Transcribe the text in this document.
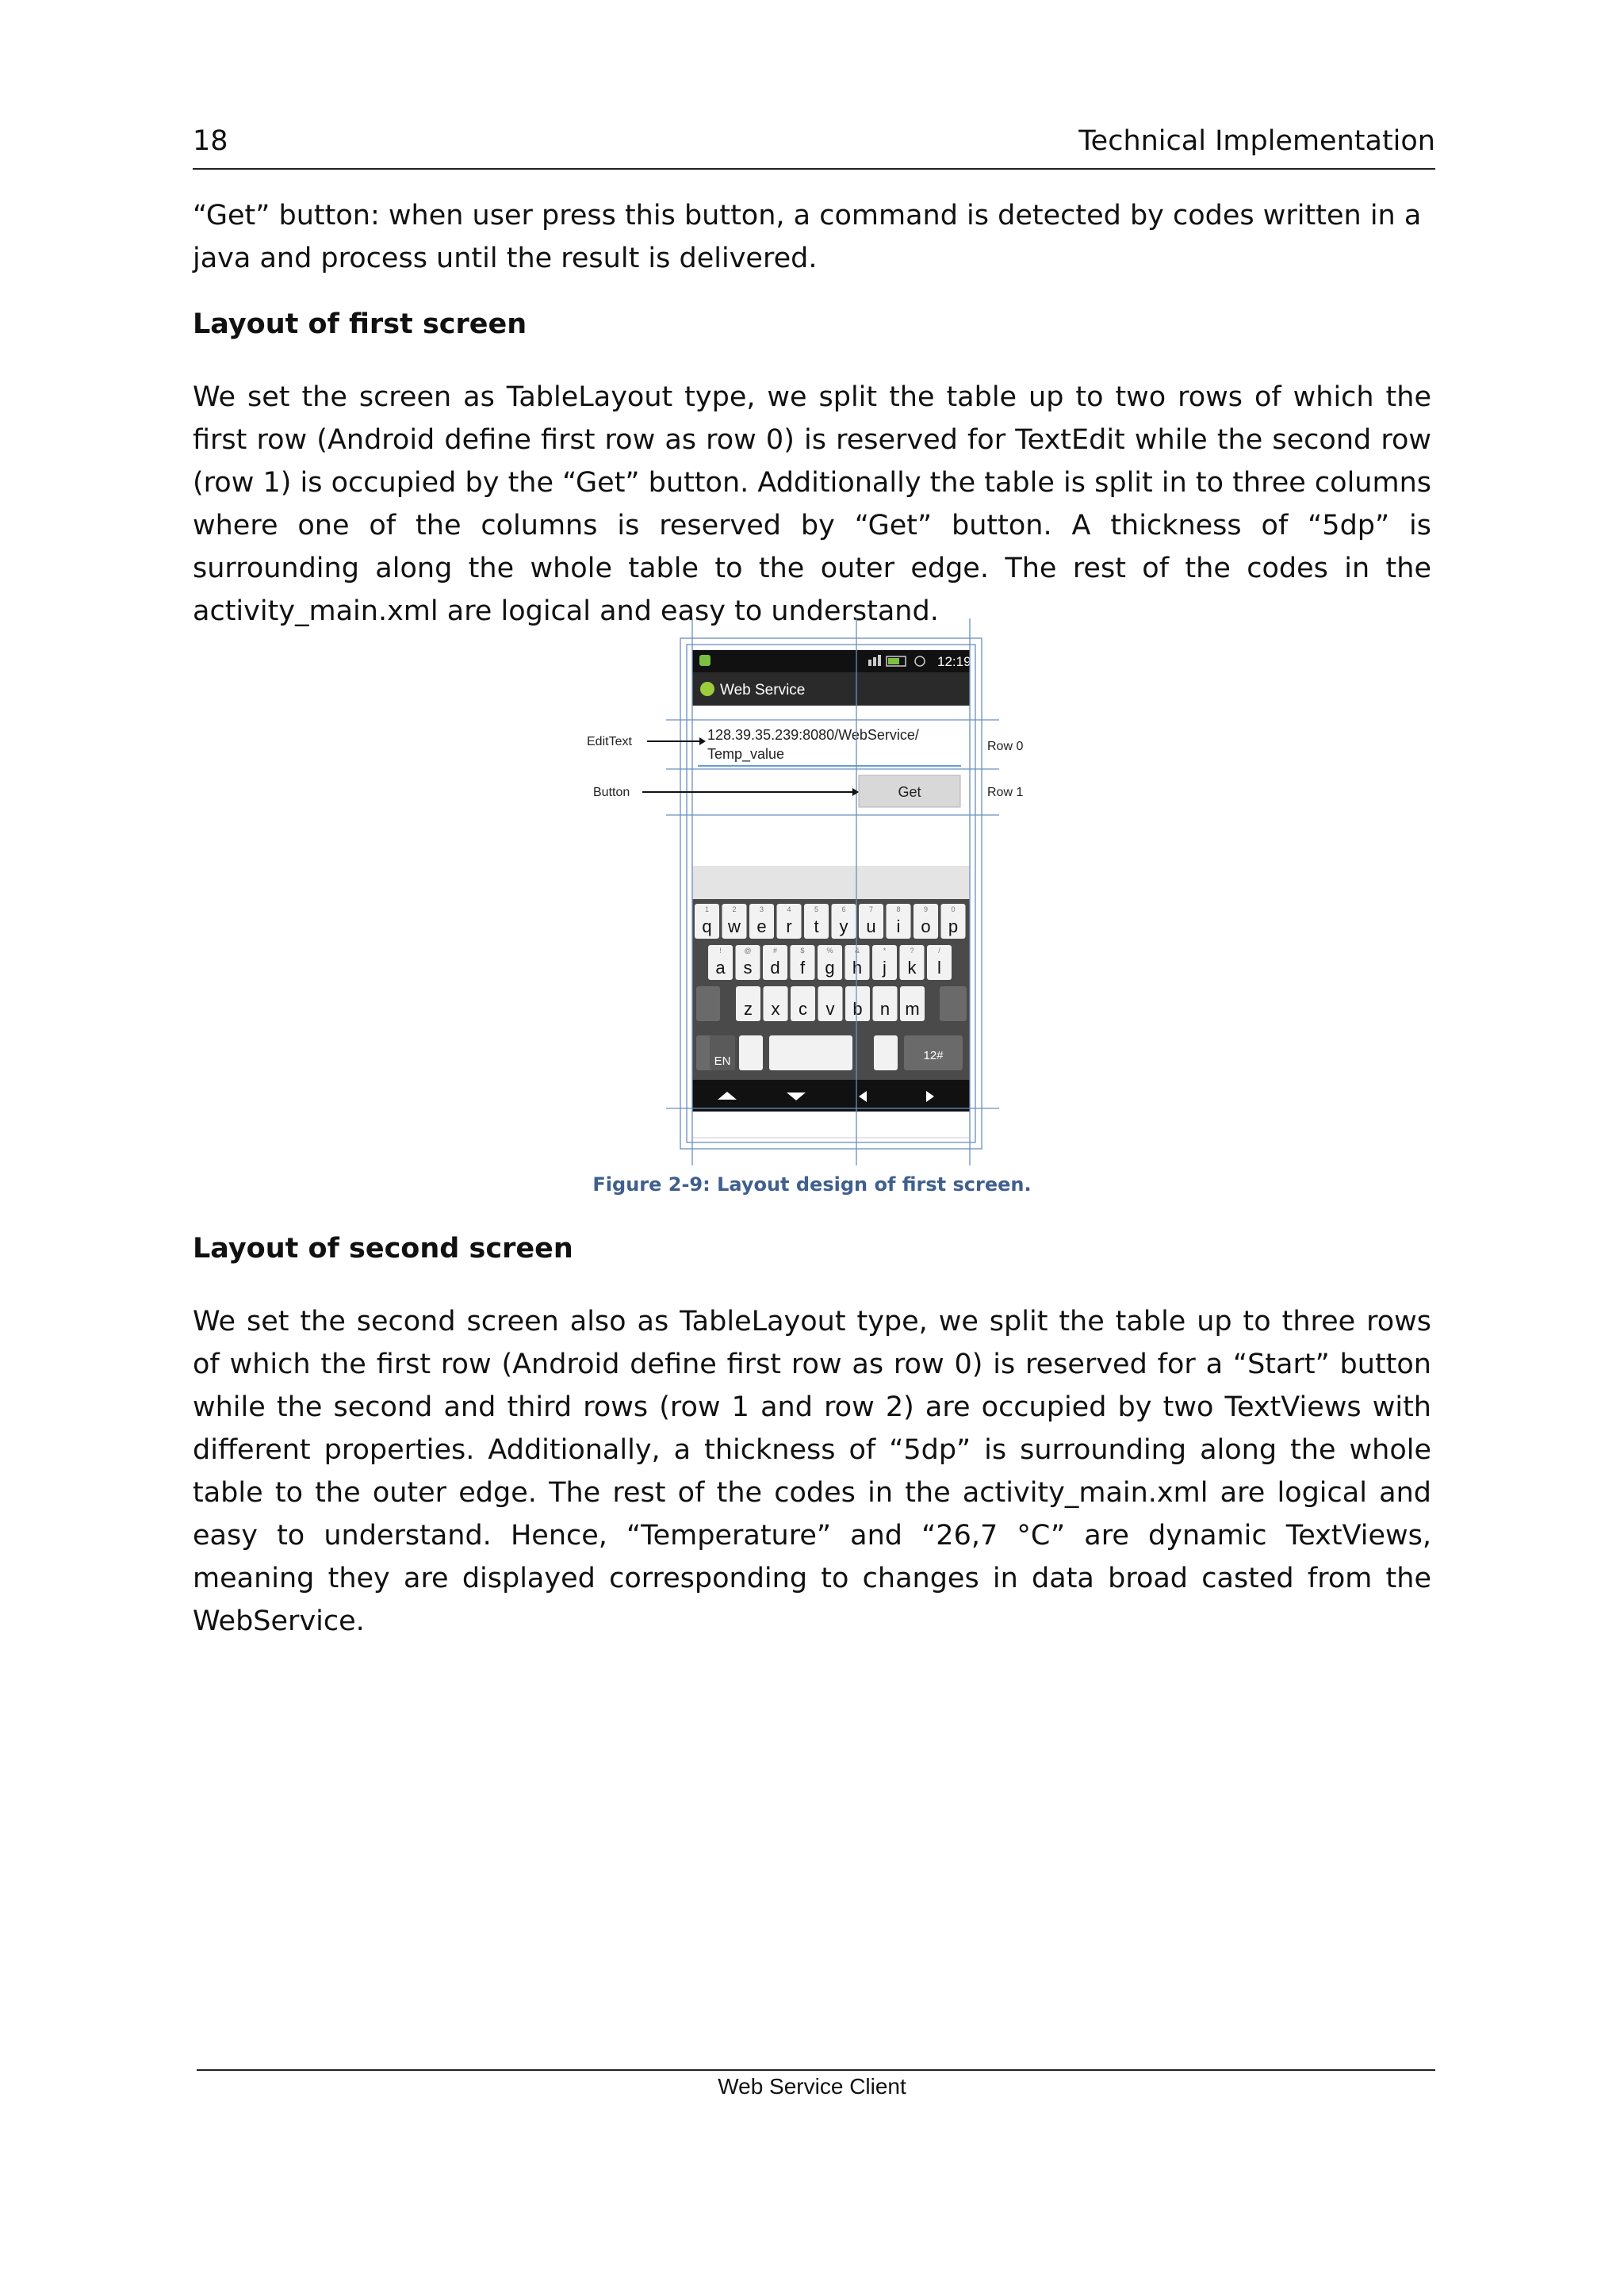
18	Technical Implementation

“Get” button: when user press this button, a command is detected by codes written in a java and process until the result is delivered.

Layout of first screen

We set the screen as TableLayout type, we split the table up to two rows of which the first row (Android define first row as row 0) is reserved for TextEdit while the second row (row 1) is occupied by the “Get” button. Additionally the table is split in to three columns where one of the columns is reserved by “Get” button. A thickness of “5dp” is surrounding along the whole table to the outer edge. The rest of the codes in the activity_main.xml are logical and easy to understand.

12:19
Web Service
128.39.35.239:8080/WebService/
Temp_value
Get
1
q
2
w
3
e
4
r
5
t
6
y
7
u
8
i
9
o
0
p
!
a
@
s
#
d
$
f
%
g
&
h
*
j
?
k
/
l
z x c v b n m
EN	12#
EditText
Button
Row 0
Row 1
Figure 2-9: Layout design of first screen.

Layout of second screen

We set the second screen also as TableLayout type, we split the table up to three rows of which the first row (Android define first row as row 0) is reserved for a “Start” button while the second and third rows (row 1 and row 2) are occupied by two TextViews with different properties. Additionally, a thickness of “5dp” is surrounding along the whole table to the outer edge. The rest of the codes in the activity_main.xml are logical and easy to understand. Hence, “Temperature” and “26,7 °C” are dynamic TextViews, meaning they are displayed corresponding to changes in data broad casted from the WebService.

Web Service Client
